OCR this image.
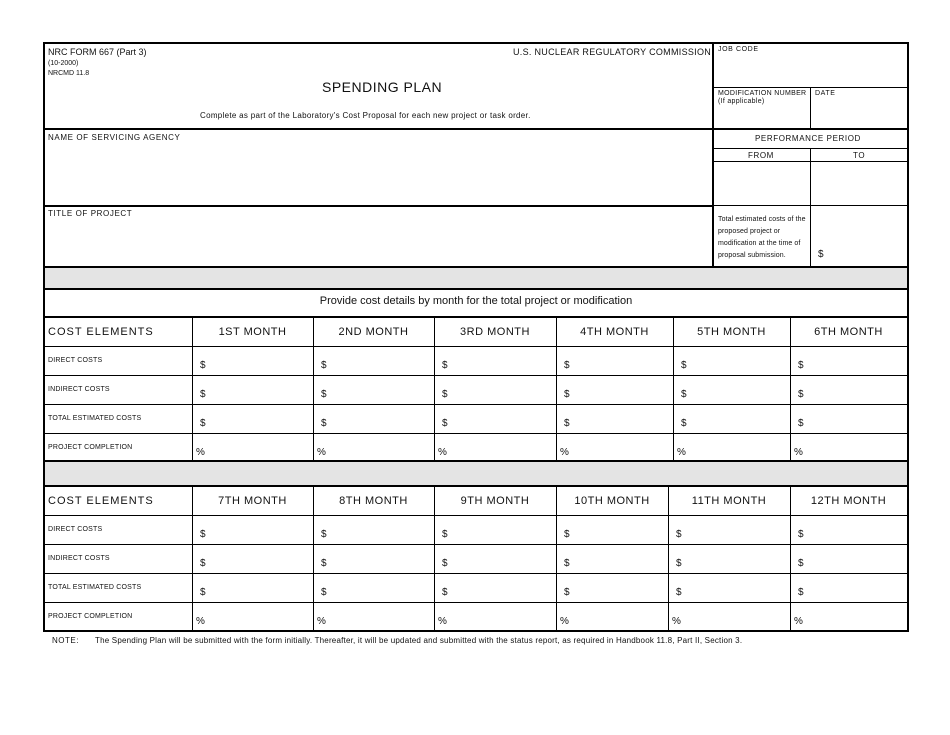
NRC FORM 667 (Part 3)
(10-2000)
NRCMD 11.8
U.S. NUCLEAR REGULATORY COMMISSION
SPENDING PLAN
Complete as part of the Laboratory's Cost Proposal for each new project or task order.
JOB CODE
MODIFICATION NUMBER
(If applicable)
DATE
NAME OF SERVICING AGENCY
TITLE OF PROJECT
PERFORMANCE PERIOD
FROM	TO
Total estimated costs of the proposed project or modification at the time of proposal submission.	$
Provide cost details by month for the total project or modification
COST ELEMENTS	1ST MONTH	2ND MONTH	3RD MONTH	4TH MONTH	5TH MONTH	6TH MONTH
DIRECT COSTS	$	$	$	$	$	$
INDIRECT COSTS	$	$	$	$	$	$
TOTAL ESTIMATED COSTS	$	$	$	$	$	$
PROJECT COMPLETION	%	%	%	%	%	%
COST ELEMENTS	7TH MONTH	8TH MONTH	9TH MONTH	10TH MONTH	11TH MONTH	12TH MONTH
DIRECT COSTS	$	$	$	$	$	$
INDIRECT COSTS	$	$	$	$	$	$
TOTAL ESTIMATED COSTS	$	$	$	$	$	$
PROJECT COMPLETION	%	%	%	%	%	%
NOTE: The Spending Plan will be submitted with the form initially. Thereafter, it will be updated and submitted with the status report, as required in Handbook 11.8, Part II, Section 3.
